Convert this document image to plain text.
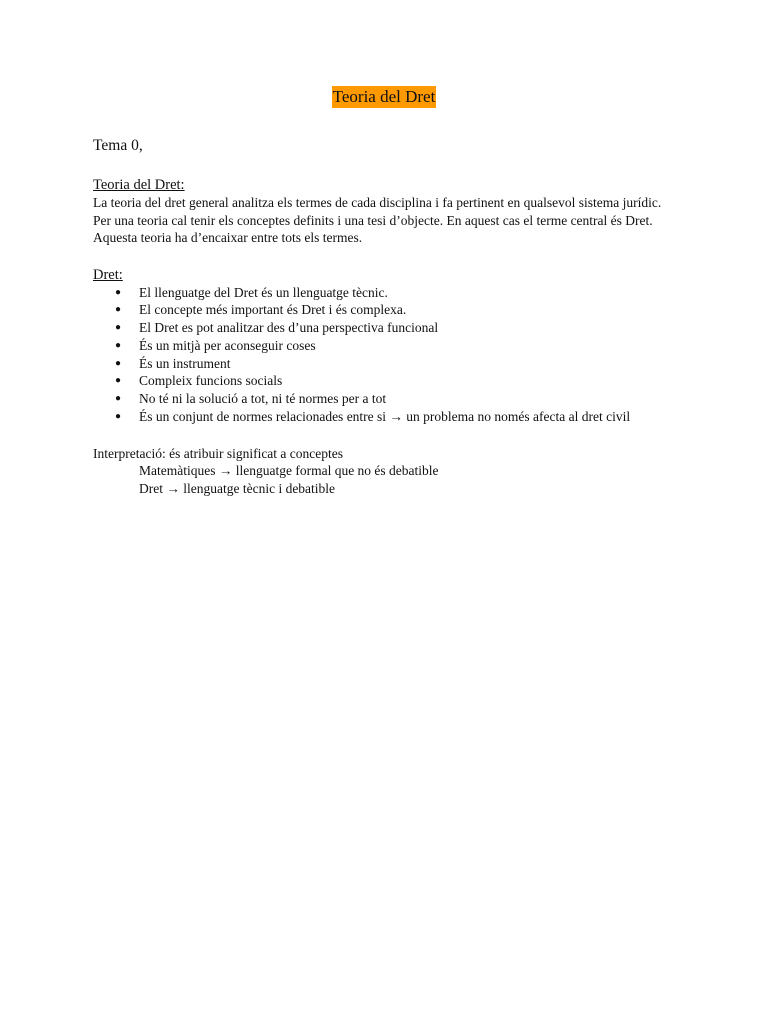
Teoria del Dret

Tema 0,

Teoria del Dret:

La teoria del dret general analitza els termes de cada disciplina i fa pertinent en qualsevol sistema jurídic.

Per una teoria cal tenir els conceptes definits i una tesi d’objecte. En aquest cas el terme central és Dret. Aquesta teoria ha d’encaixar entre tots els termes.

Dret:

● El llenguatge del Dret és un llenguatge tècnic.
● El concepte més important és Dret i és complexa.
● El Dret es pot analitzar des d’una perspectiva funcional
● És un mitjà per aconseguir coses
● És un instrument
● Compleix funcions socials
● No té ni la solució a tot, ni té normes per a tot
● És un conjunt de normes relacionades entre si → un problema no només afecta al dret civil

Interpretació: és atribuir significat a conceptes

Matemàtiques → llenguatge formal que no és debatible

Dret → llenguatge tècnic i debatible
